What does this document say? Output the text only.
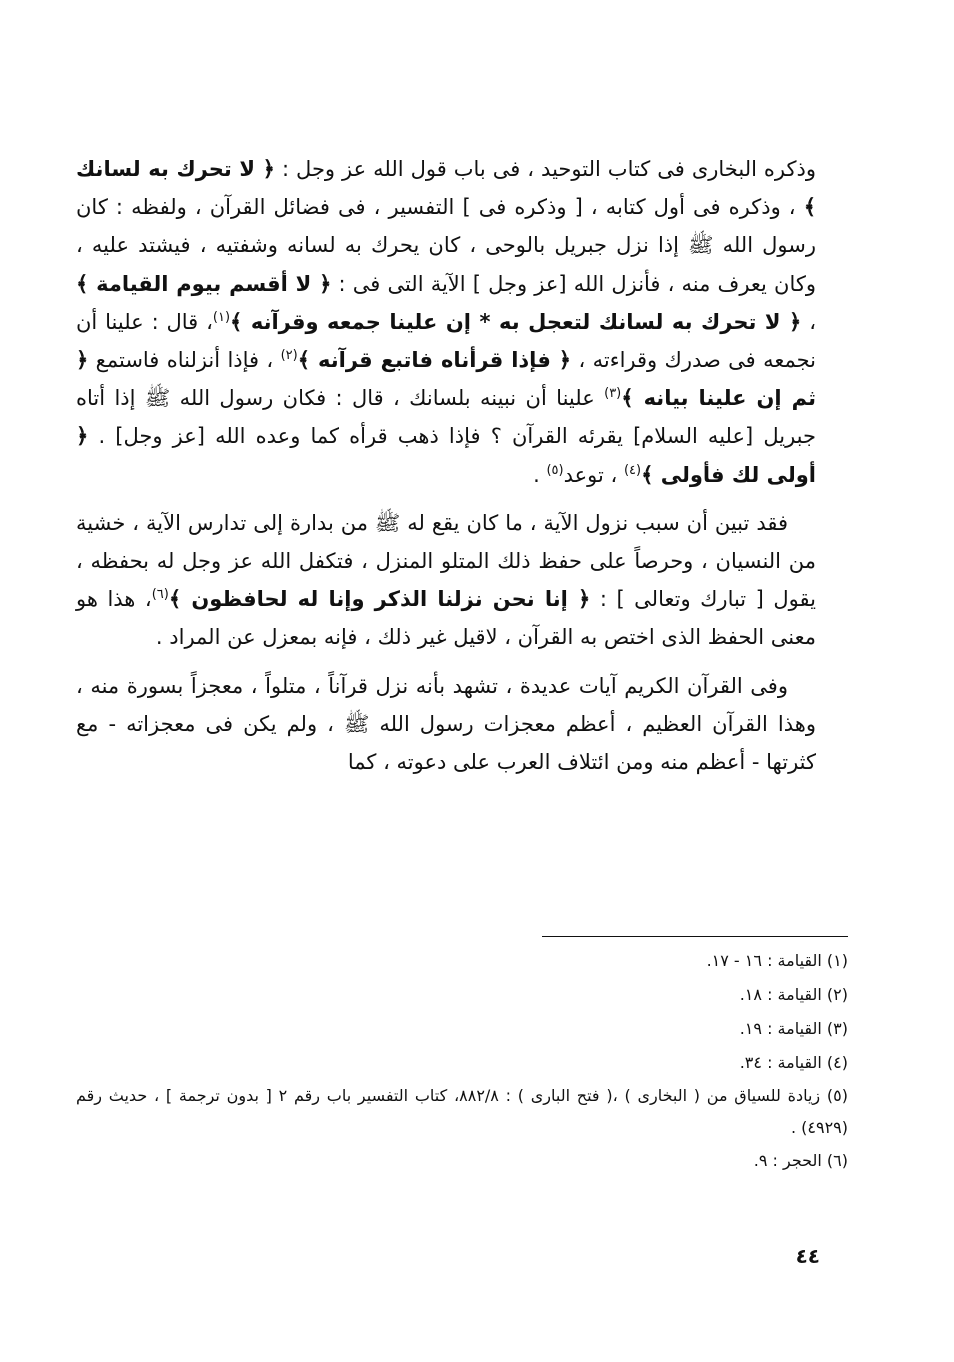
وذكره البخارى فى كتاب التوحيد ، فى باب قول الله عز وجل : ﴿ لا تحرك به لسانك ﴾ ، وذكره فى أول كتابه ، [ وذكره فى ] التفسير ، فى فضائل القرآن ، ولفظه : كان رسول الله ﷺ إذا نزل جبريل بالوحى ، كان يحرك به لسانه وشفتيه ، فيشتد عليه ، وكان يعرف منه ، فأنزل الله [عز وجل ] الآية التى فى : ﴿ لا أقسم بيوم القيامة ﴾ ، ﴿ لا تحرك به لسانك لتعجل به * إن علينا جمعه وقرآنه ﴾$^{(١)}$، قال : علينا أن نجمعه فى صدرك وقراءته ، ﴿ فإذا قرأناه فاتبع قرآنه ﴾$^{(٢)}$ ، فإذا أنزلناه فاستمع ﴿ ثم إن علينا بيانه ﴾$^{(٣)}$ علينا أن نبينه بلسانك ، قال : فكان رسول الله ﷺ إذا أتاه جبريل [عليه السلام] يقرئه القرآن ؟ فإذا ذهب قرأه كما وعده الله [عز وجل] . ﴿ أولى لك فأولى ﴾$^{(٤)}$ ، توعد$^{(٥)}$ .

فقد تبين أن سبب نزول الآية ، ما كان يقع له ﷺ من بدارة إلى تدارس الآية ، خشية من النسيان ، وحرصاً على حفظ ذلك المتلو المنزل ، فتكفل الله عز وجل له بحفظه ، يقول [ تبارك وتعالى ] : ﴿ إنا نحن نزلنا الذكر وإنا له لحافظون ﴾$^{(٦)}$، هذا هو معنى الحفظ الذى اختص به القرآن ، لاقيل غير ذلك ، فإنه بمعزل عن المراد .

وفى القرآن الكريم آيات عديدة ، تشهد بأنه نزل قرآناً ، متلواً ، معجزاً بسورة منه ، وهذا القرآن العظيم ، أعظم معجزات رسول الله ﷺ ، ولم يكن فى معجزاته - مع كثرتها - أعظم منه ومن ائتلاف العرب على دعوته ، كما

(١) القيامة : ١٦ - ١٧.
(٢) القيامة : ١٨.
(٣) القيامة : ١٩.
(٤) القيامة : ٣٤.
(٥) زيادة للسياق من ( البخارى ) ،( فتح البارى ) : ٨٨٢/٨، كتاب التفسير باب رقم ٢ [ بدون ترجمة ] ، حديث رقم (٤٩٢٩) .
(٦) الحجر : ٩.
٤٤
